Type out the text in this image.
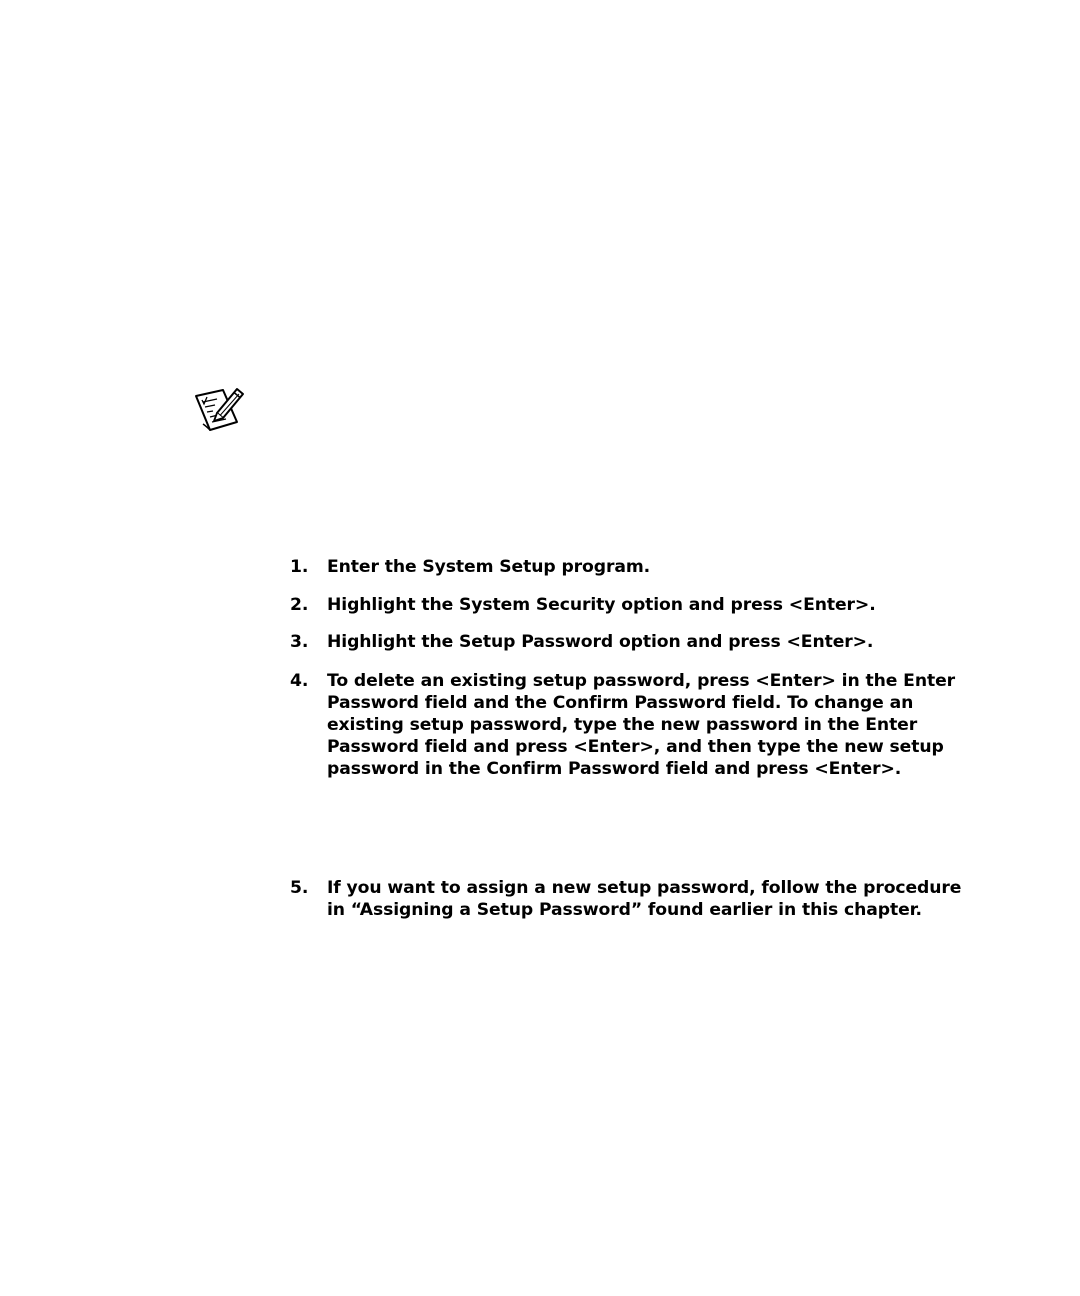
1.	Enter the System Setup program.
2.	Highlight the System Security option and press <Enter>.
3.	Highlight the Setup Password option and press <Enter>.
4.	To delete an existing setup password, press <Enter> in the Enter Password field and the Confirm Password field. To change an existing setup password, type the new password in the Enter Password field and press <Enter>, and then type the new setup password in the Confirm Password field and press <Enter>.
5.	If you want to assign a new setup password, follow the procedure in “Assigning a Setup Password” found earlier in this chapter.
